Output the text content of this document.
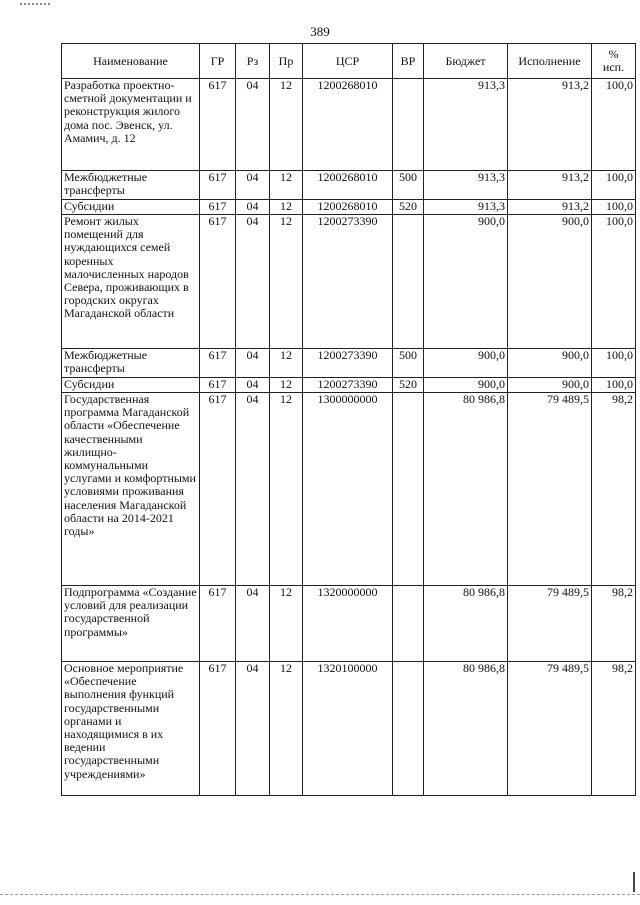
389
Наименование	ГР	Рз	Пр	ЦСР	ВР	Бюджет	Исполнение	%
исп.

Разработка проектно-сметной документации и реконструкция жилого дома пос. Эвенск, ул. Амамич, д. 12	617	04	12	1200268010		913,3	913,2	100,0
Межбюджетные трансферты	617	04	12	1200268010	500	913,3	913,2	100,0
Субсидии	617	04	12	1200268010	520	913,3	913,2	100,0
Ремонт жилых помещений для нуждающихся семей коренных малочисленных народов Севера, проживающих в городских округах Магаданской области	617	04	12	1200273390		900,0	900,0	100,0
Межбюджетные трансферты	617	04	12	1200273390	500	900,0	900,0	100,0
Субсидии	617	04	12	1200273390	520	900,0	900,0	100,0
Государственная программа Магаданской области «Обеспечение качественными жилищно-коммунальными услугами и комфортными условиями проживания населения Магаданской области на 2014-2021 годы»	617	04	12	1300000000		80 986,8	79 489,5	98,2
Подпрограмма «Создание условий для реализации государственной программы»	617	04	12	1320000000		80 986,8	79 489,5	98,2
Основное мероприятие «Обеспечение выполнения функций государственными органами и находящимися в их ведении государственными учреждениями»	617	04	12	1320100000		80 986,8	79 489,5	98,2
